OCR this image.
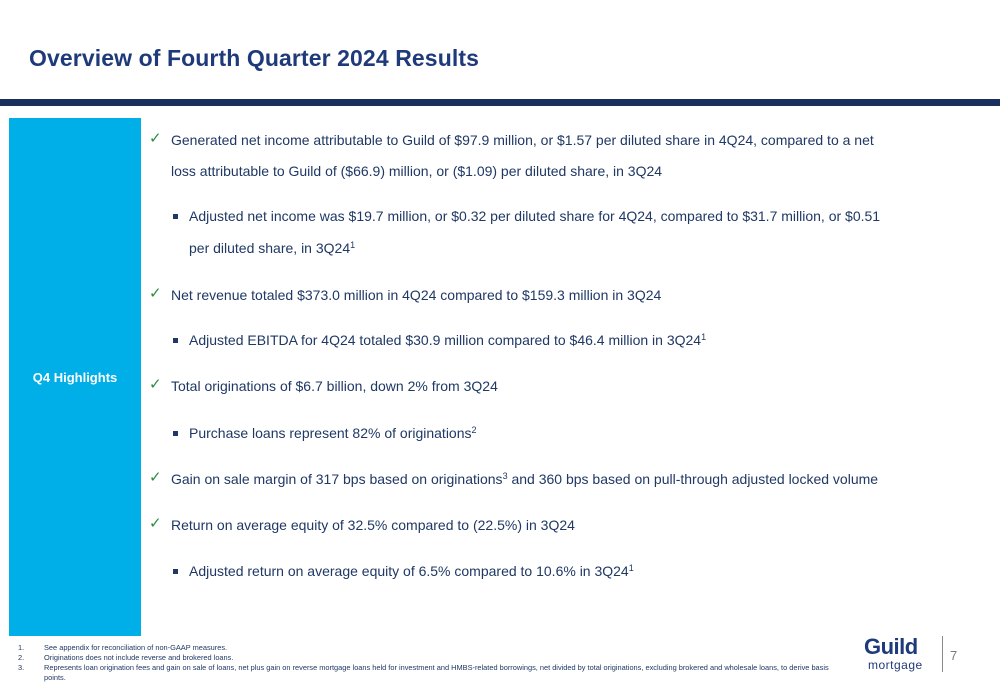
Overview of Fourth Quarter 2024 Results
Q4 Highlights
✓ Generated net income attributable to Guild of $97.9 million, or $1.57 per diluted share in 4Q24, compared to a net
loss attributable to Guild of ($66.9) million, or ($1.09) per diluted share, in 3Q24
Adjusted net income was $19.7 million, or $0.32 per diluted share for 4Q24, compared to $31.7 million, or $0.51
per diluted share, in $3Q24^1$
✓ Net revenue totaled $373.0 million in 4Q24 compared to $159.3 million in 3Q24
Adjusted EBITDA for 4Q24 totaled $30.9 million compared to $46.4 million in $3Q24^1$
✓ Total originations of $6.7 billion, down 2% from 3Q24
Purchase loans represent 82% of originations$^2$
✓ Gain on sale margin of 317 bps based on originations$^3$ and 360 bps based on pull-through adjusted locked volume
✓ Return on average equity of 32.5% compared to (22.5%) in 3Q24
Adjusted return on average equity of 6.5% compared to 10.6% in $3Q24^1$
1.	See appendix for reconciliation of non-GAAP measures.
2.	Originations does not include reverse and brokered loans.
3.	Represents loan origination fees and gain on sale of loans, net plus gain on reverse mortgage loans held for investment and HMBS-related borrowings, net divided by total originations, excluding brokered and wholesale loans, to derive basis points.
Guild
mortgage
7
